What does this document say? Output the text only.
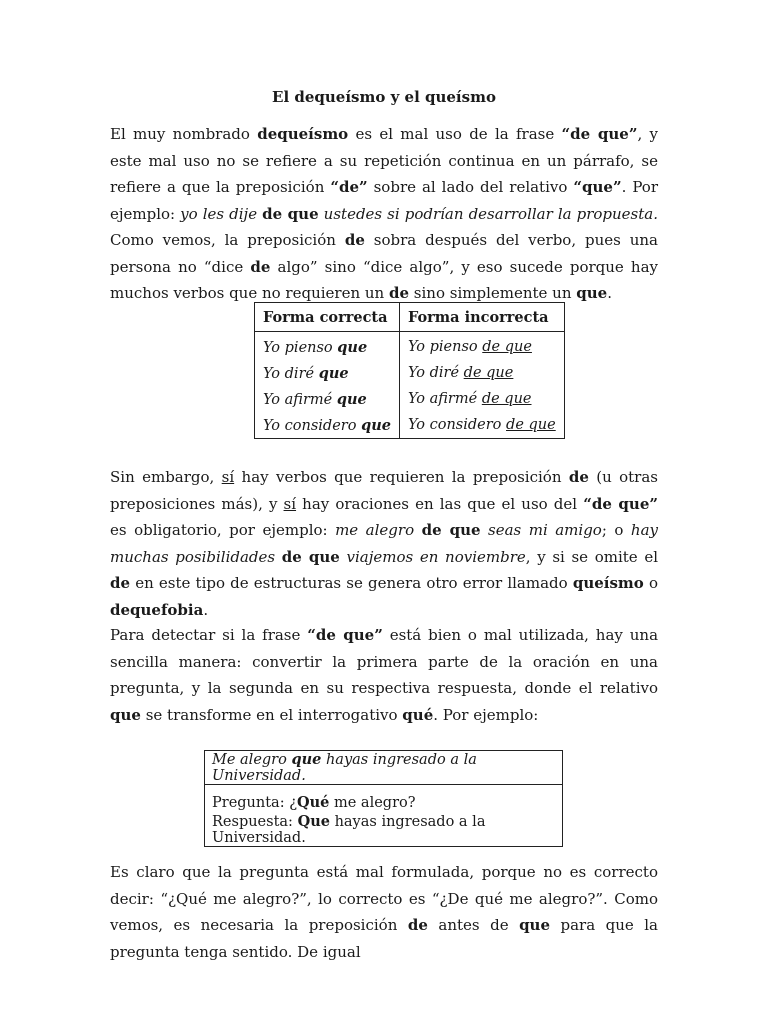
El dequeísmo y el queísmo
El muy nombrado dequeísmo es el mal uso de la frase “de que”, y este mal uso no se refiere a su repetición continua en un párrafo, se refiere a que la preposición “de” sobre al lado del relativo “que”. Por ejemplo: yo les dije de que ustedes si podrían desarrollar la propuesta. Como vemos, la preposición de sobra después del verbo, pues una persona no “dice de algo” sino “dice algo”, y eso sucede porque hay muchos verbos que no requieren un de sino simplemente un que.
Forma correcta	Forma incorrecta
Yo pienso que	Yo pienso de que
Yo diré que	Yo diré de que
Yo afirmé que	Yo afirmé de que
Yo considero que	Yo considero de que
Sin embargo, sí hay verbos que requieren la preposición de (u otras preposiciones más), y sí hay oraciones en las que el uso del “de que” es obligatorio, por ejemplo: me alegro de que seas mi amigo; o hay muchas posibilidades de que viajemos en noviembre, y si se omite el de en este tipo de estructuras se genera otro error llamado queísmo o dequefobia.
Para detectar si la frase “de que” está bien o mal utilizada, hay una sencilla manera: convertir la primera parte de la oración en una pregunta, y la segunda en su respectiva respuesta, donde el relativo que se transforme en el interrogativo qué. Por ejemplo:
Me alegro que hayas ingresado a la Universidad.
Pregunta: ¿Qué me alegro?
Respuesta: Que hayas ingresado a la Universidad.
Es claro que la pregunta está mal formulada, porque no es correcto decir: “¿Qué me alegro?”, lo correcto es “¿De qué me alegro?”. Como vemos, es necesaria la preposición de antes de que para que la pregunta tenga sentido. De igual
